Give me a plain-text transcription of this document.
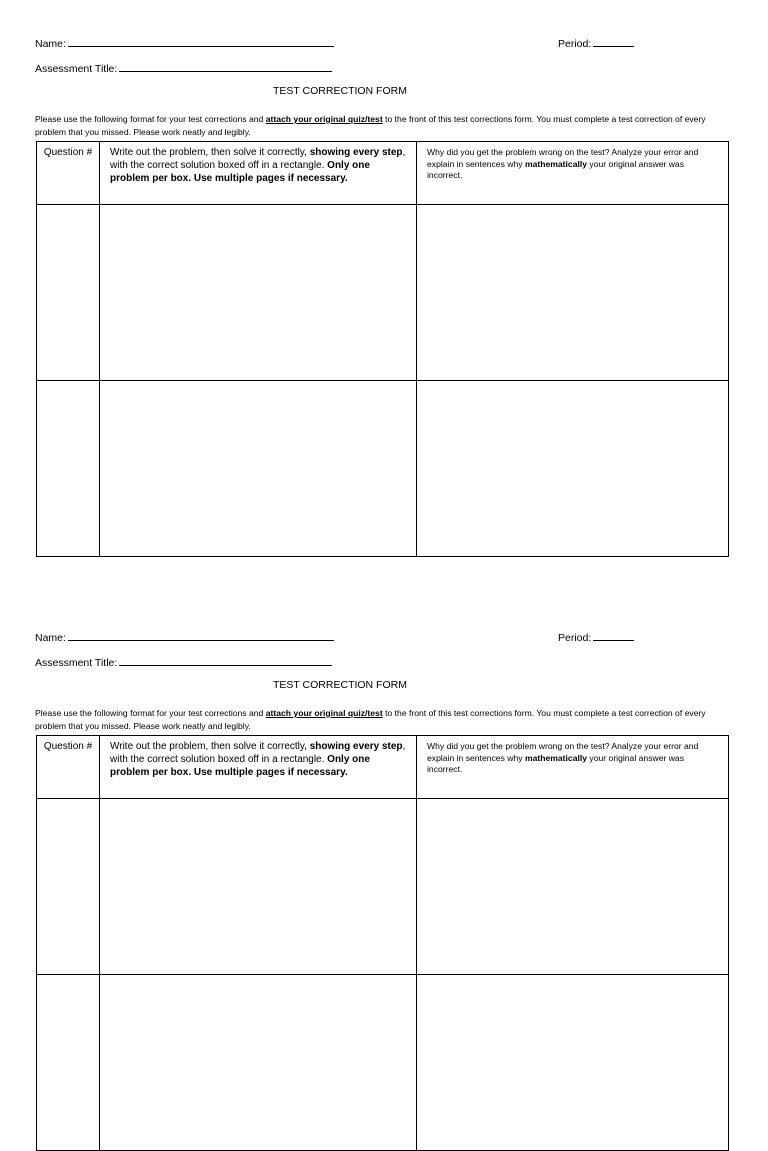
Name:	Period:
Assessment Title:
TEST CORRECTION FORM
Please use the following format for your test corrections and attach your original quiz/test to the front of this test corrections form. You must complete a test correction of every problem that you missed. Please work neatly and legibly.
Question #	Write out the problem, then solve it correctly, showing every step, with the correct solution boxed off in a rectangle. Only one problem per box. Use multiple pages if necessary.	Why did you get the problem wrong on the test? Analyze your error and explain in sentences why mathematically your original answer was incorrect.

Name:	Period:
Assessment Title:
TEST CORRECTION FORM
Please use the following format for your test corrections and attach your original quiz/test to the front of this test corrections form. You must complete a test correction of every problem that you missed. Please work neatly and legibly.
Question #	Write out the problem, then solve it correctly, showing every step, with the correct solution boxed off in a rectangle. Only one problem per box. Use multiple pages if necessary.	Why did you get the problem wrong on the test? Analyze your error and explain in sentences why mathematically your original answer was incorrect.
